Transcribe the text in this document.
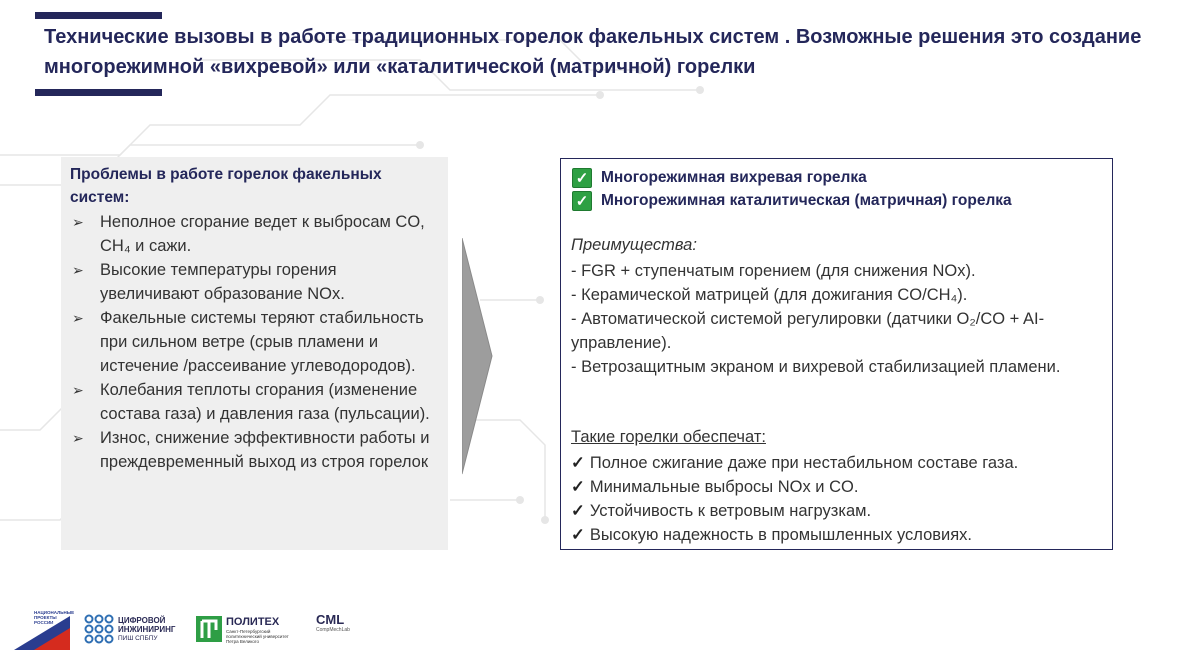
Технические вызовы в работе традиционных горелок факельных систем . Возможные решения это создание многорежимной «вихревой» или «каталитической (матричной) горелки
Проблемы в работе горелок факельных систем:
➢ Неполное сгорание ведет к выбросам CO, CH₄ и сажи.
➢ Высокие температуры горения увеличивают образование NOx.
➢ Факельные системы теряют стабильность при сильном ветре (срыв пламени и истечение /рассеивание углеводородов).
➢ Колебания теплоты сгорания (изменение состава газа) и давления газа (пульсации).
➢ Износ, снижение эффективности работы и преждевременный выход из строя горелок
✓ Многорежимная вихревая горелка
✓ Многорежимная каталитическая (матричная) горелка
Преимущества:
- FGR + ступенчатым горением (для снижения NOx).
- Керамической матрицей (для дожигания CO/CH₄).
- Автоматической системой регулировки (датчики O₂/CO + AI-управление).
- Ветрозащитным экраном и вихревой стабилизацией пламени.
Такие горелки обеспечат:
✓ Полное сжигание даже при нестабильном составе газа.
✓ Минимальные выбросы NOx и CO.
✓ Устойчивость к ветровым нагрузкам.
✓ Высокую надежность в промышленных условиях.
НАЦИОНАЛЬНЫЕ ПРОЕКТЫ РОССИИ	ЦИФРОВОЙ
ИНЖИНИРИНГ
ПИШ СПБПУ
ПОЛИТЕХ
Санкт-Петербургский политехнический университет Петра Великого
CML
CompMechLab
